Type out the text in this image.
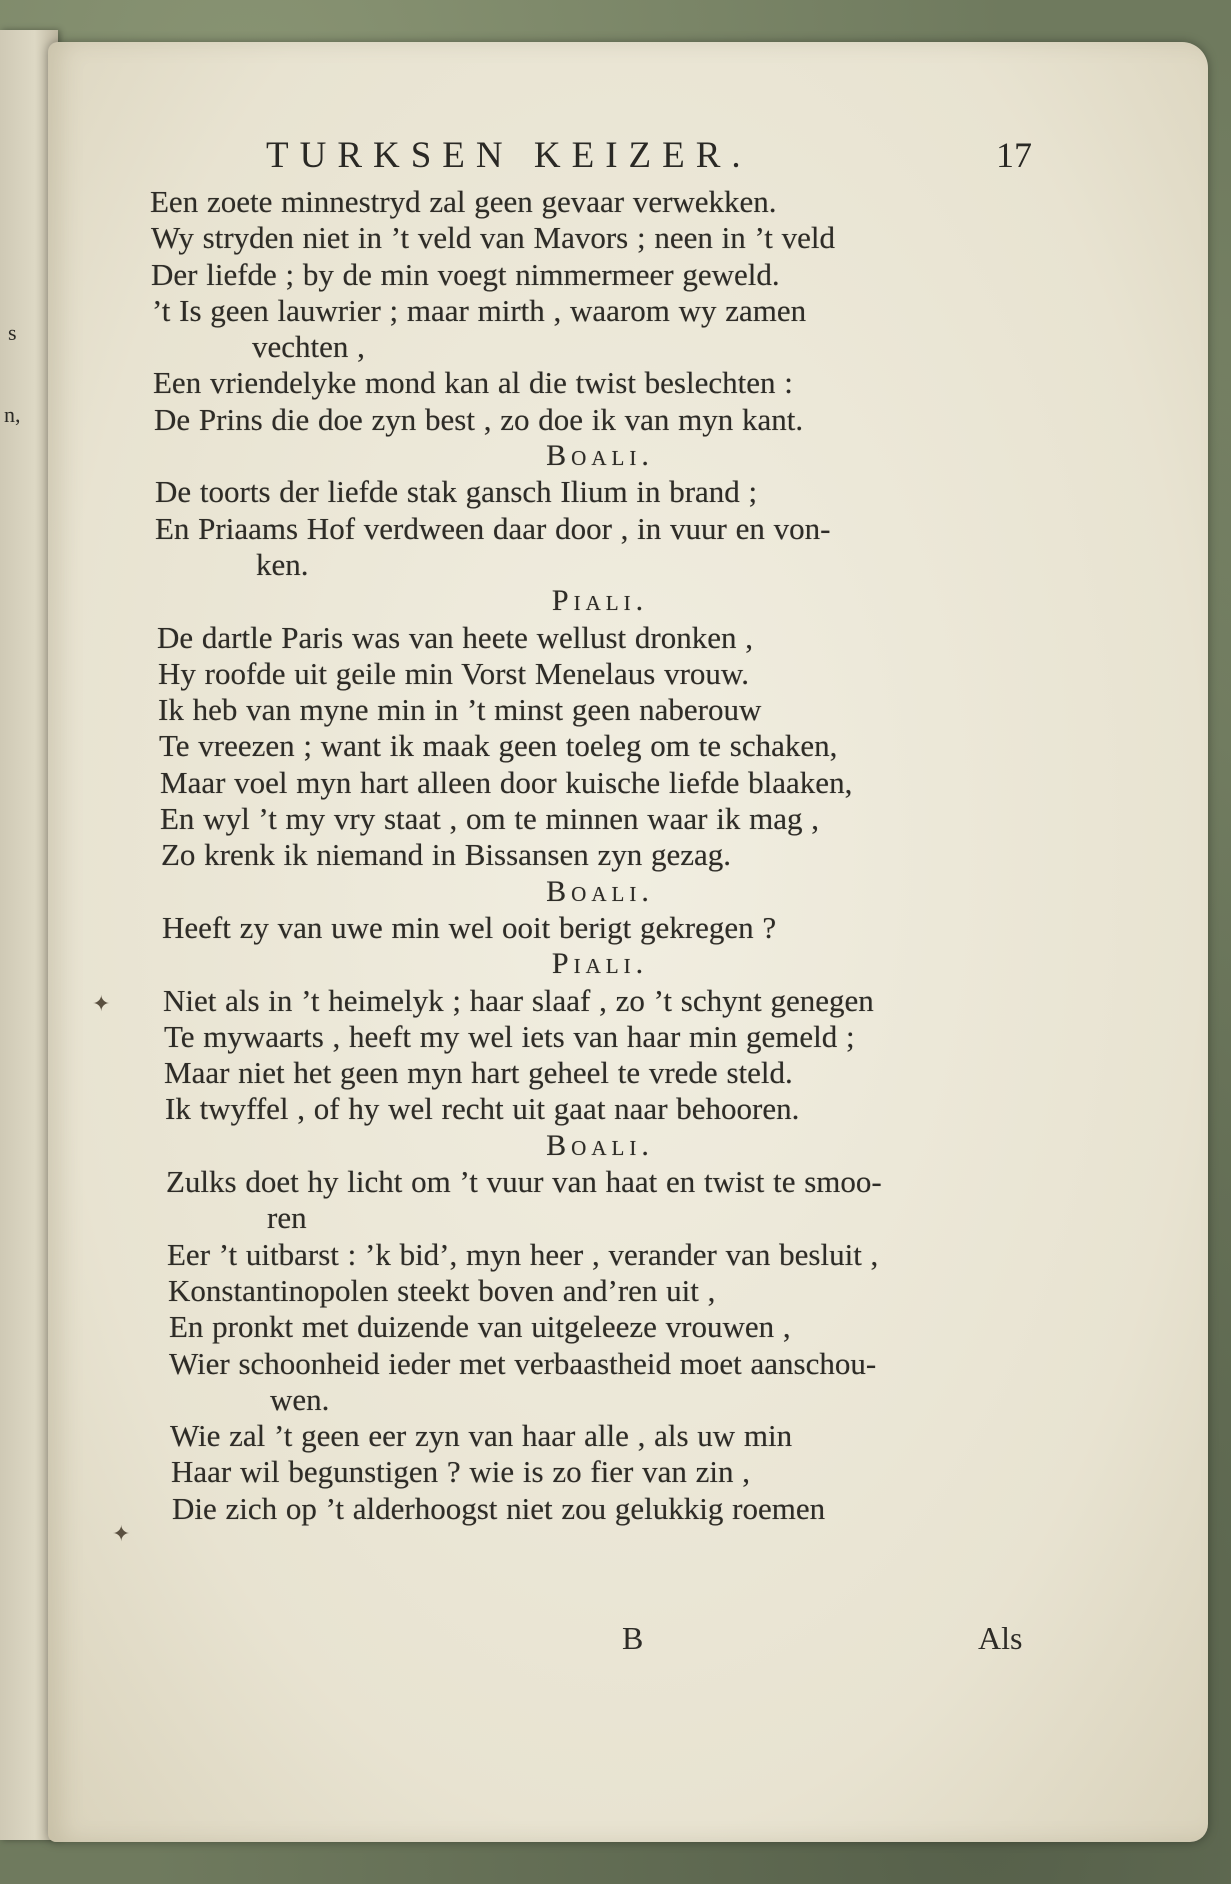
s
n,
TURKSEN KEIZER.	17
Een zoete minnestryd zal geen gevaar verwekken.
Wy stryden niet in ’t veld van Mavors ; neen in ’t veld
Der liefde ; by de min voegt nimmermeer geweld.
’t Is geen lauwrier ; maar mirth , waarom wy zamen
vechten ,
Een vriendelyke mond kan al die twist beslechten :
De Prins die doe zyn best , zo doe ik van myn kant.
Boali.
De toorts der liefde stak gansch Ilium in brand ;
En Priaams Hof verdween daar door , in vuur en von-
ken.
Piali.
De dartle Paris was van heete wellust dronken ,
Hy roofde uit geile min Vorst Menelaus vrouw.
Ik heb van myne min in ’t minst geen naberouw
Te vreezen ; want ik maak geen toeleg om te schaken,
Maar voel myn hart alleen door kuische liefde blaaken,
En wyl ’t my vry staat , om te minnen waar ik mag ,
Zo krenk ik niemand in Bissansen zyn gezag.
Boali.
Heeft zy van uwe min wel ooit berigt gekregen ?
Piali.
Niet als in ’t heimelyk ; haar slaaf , zo ’t schynt genegen
Te mywaarts , heeft my wel iets van haar min gemeld ;
Maar niet het geen myn hart geheel te vrede steld.
Ik twyffel , of hy wel recht uit gaat naar behooren.
Boali.
Zulks doet hy licht om ’t vuur van haat en twist te smoo-
ren
Eer ’t uitbarst : ’k bid’, myn heer , verander van besluit ,
Konstantinopolen steekt boven and’ren uit ,
En pronkt met duizende van uitgeleeze vrouwen ,
Wier schoonheid ieder met verbaastheid moet aanschou-
wen.
Wie zal ’t geen eer zyn van haar alle , als uw min
Haar wil begunstigen ? wie is zo fier van zin ,
Die zich op ’t alderhoogst niet zou gelukkig roemen
✦
✦
B	Als
